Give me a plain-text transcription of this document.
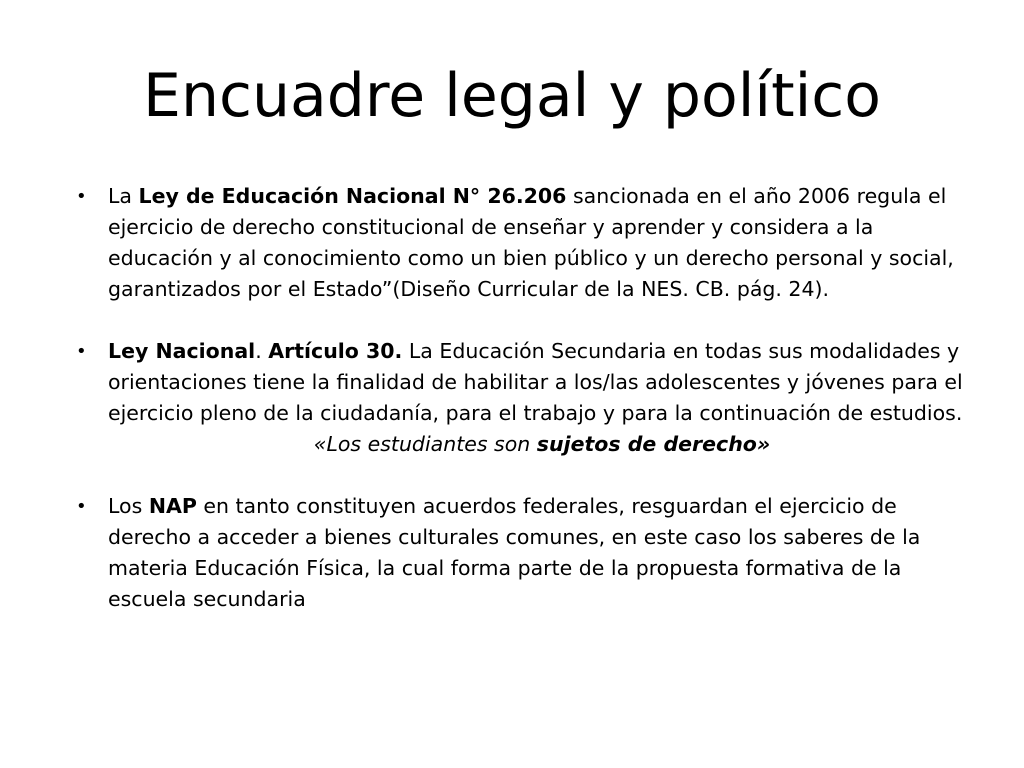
Encuadre legal y político
• La Ley de Educación Nacional N° 26.206 sancionada en el año 2006 regula el ejercicio de derecho constitucional de enseñar y aprender y considera a la educación y al conocimiento como un bien público y un derecho personal y social, garantizados por el Estado”(Diseño Curricular de la NES. CB. pág. 24).
• Ley Nacional. Artículo 30. La Educación Secundaria en todas sus modalidades y orientaciones tiene la finalidad de habilitar a los/las adolescentes y jóvenes para el ejercicio pleno de la ciudadanía, para el trabajo y para la continuación de estudios.
«Los estudiantes son sujetos de derecho»
• Los NAP en tanto constituyen acuerdos federales, resguardan el ejercicio de derecho a acceder a bienes culturales comunes, en este caso los saberes de la materia Educación Física, la cual forma parte de la propuesta formativa de la escuela secundaria
